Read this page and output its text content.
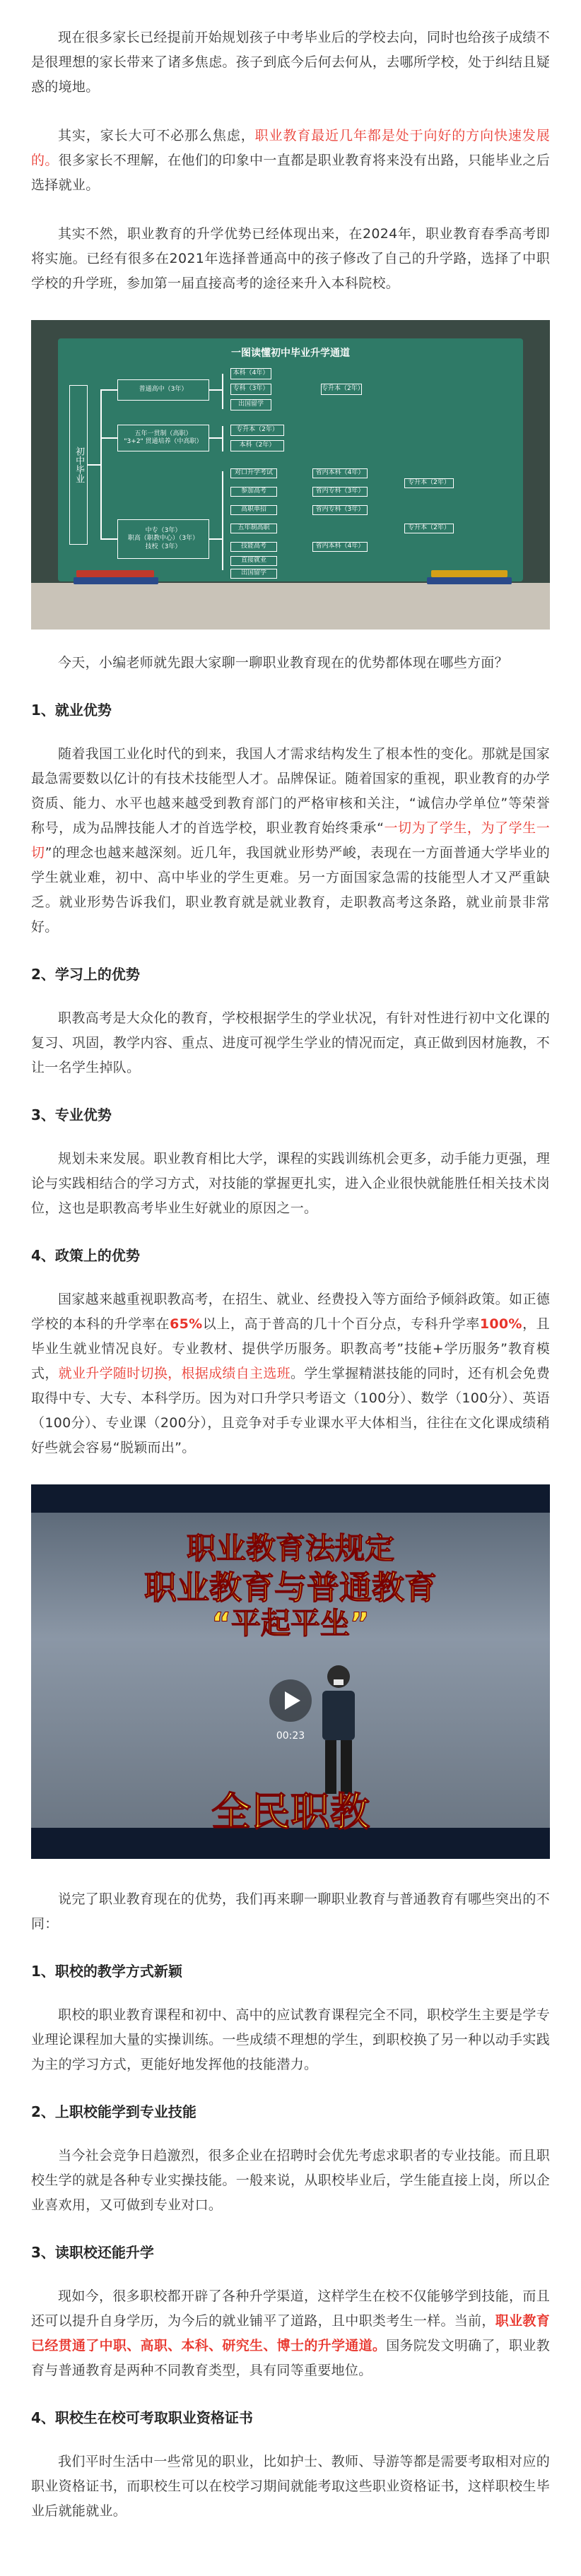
现在很多家长已经提前开始规划孩子中考毕业后的学校去向，同时也给孩子成绩不是很理想的家长带来了诸多焦虑。孩子到底今后何去何从，去哪所学校，处于纠结且疑惑的境地。

其实，家长大可不必那么焦虑，职业教育最近几年都是处于向好的方向快速发展的。很多家长不理解，在他们的印象中一直都是职业教育将来没有出路，只能毕业之后选择就业。

其实不然，职业教育的升学优势已经体现出来，在2024年，职业教育春季高考即将实施。已经有很多在2021年选择普通高中的孩子修改了自己的升学路，选择了中职学校的升学班，参加第一届直接高考的途径来升入本科院校。

一图读懂初中毕业升学通道
初中毕业
普通高中（3年）
五年一贯制（高职）
"3+2" 贯通培养（中高职）
中专（3年）
职高（职教中心）（3年）
技校（3年）
本科（4年）
专科（3年）
出国留学
专升本（2年）
专升本（2年）
本科（2年）
对口升学考试
参加高考
高职单招
五年制高职
技能高考
直接就业
出国留学
省内本科（4年）
省内专科（3年）
省内专科（3年）
省内本科（4年）
专升本（2年）
专升本（2年）

今天，小编老师就先跟大家聊一聊职业教育现在的优势都体现在哪些方面？

1、就业优势

随着我国工业化时代的到来，我国人才需求结构发生了根本性的变化。那就是国家最急需要数以亿计的有技术技能型人才。品牌保证。随着国家的重视，职业教育的办学资质、能力、水平也越来越受到教育部门的严格审核和关注，“诚信办学单位”等荣誉称号，成为品牌技能人才的首选学校，职业教育始终秉承“一切为了学生，为了学生一切”的理念也越来越深刻。近几年，我国就业形势严峻，表现在一方面普通大学毕业的学生就业难，初中、高中毕业的学生更难。另一方面国家急需的技能型人才又严重缺乏。就业形势告诉我们，职业教育就是就业教育，走职教高考这条路，就业前景非常好。

2、学习上的优势

职教高考是大众化的教育，学校根据学生的学业状况，有针对性进行初中文化课的复习、巩固，教学内容、重点、进度可视学生学业的情况而定，真正做到因材施教，不让一名学生掉队。

3、专业优势

规划未来发展。职业教育相比大学，课程的实践训练机会更多，动手能力更强，理论与实践相结合的学习方式，对技能的掌握更扎实，进入企业很快就能胜任相关技术岗位，这也是职教高考毕业生好就业的原因之一。

4、政策上的优势

国家越来越重视职教高考，在招生、就业、经费投入等方面给予倾斜政策。如正德学校的本科的升学率在65%以上，高于普高的几十个百分点，专科升学率100%，且毕业生就业情况良好。专业教材、提供学历服务。职教高考”技能+学历服务”教育模式，就业升学随时切换，根据成绩自主选班。学生掌握精湛技能的同时，还有机会免费取得中专、大专、本科学历。因为对口升学只考语文（100分）、数学（100分）、英语（100分）、专业课（200分），且竞争对手专业课水平大体相当，往往在文化课成绩稍好些就会容易“脱颖而出”。

职业教育法规定
职业教育与普通教育
“平起平坐”
全民职教
00:23

说完了职业教育现在的优势，我们再来聊一聊职业教育与普通教育有哪些突出的不同：

1、职校的教学方式新颖

职校的职业教育课程和初中、高中的应试教育课程完全不同，职校学生主要是学专业理论课程加大量的实操训练。一些成绩不理想的学生，到职校换了另一种以动手实践为主的学习方式，更能好地发挥他的技能潜力。

2、上职校能学到专业技能

当今社会竞争日趋激烈，很多企业在招聘时会优先考虑求职者的专业技能。而且职校生学的就是各种专业实操技能。一般来说，从职校毕业后，学生能直接上岗，所以企业喜欢用，又可做到专业对口。

3、读职校还能升学

现如今，很多职校都开辟了各种升学渠道，这样学生在校不仅能够学到技能，而且还可以提升自身学历，为今后的就业铺平了道路，且中职类考生一样。当前，职业教育已经贯通了中职、高职、本科、研究生、博士的升学通道。国务院发文明确了，职业教育与普通教育是两种不同教育类型，具有同等重要地位。

4、职校生在校可考取职业资格证书

我们平时生活中一些常见的职业，比如护士、教师、导游等都是需要考取相对应的职业资格证书，而职校生可以在校学习期间就能考取这些职业资格证书，这样职校生毕业后就能就业。
